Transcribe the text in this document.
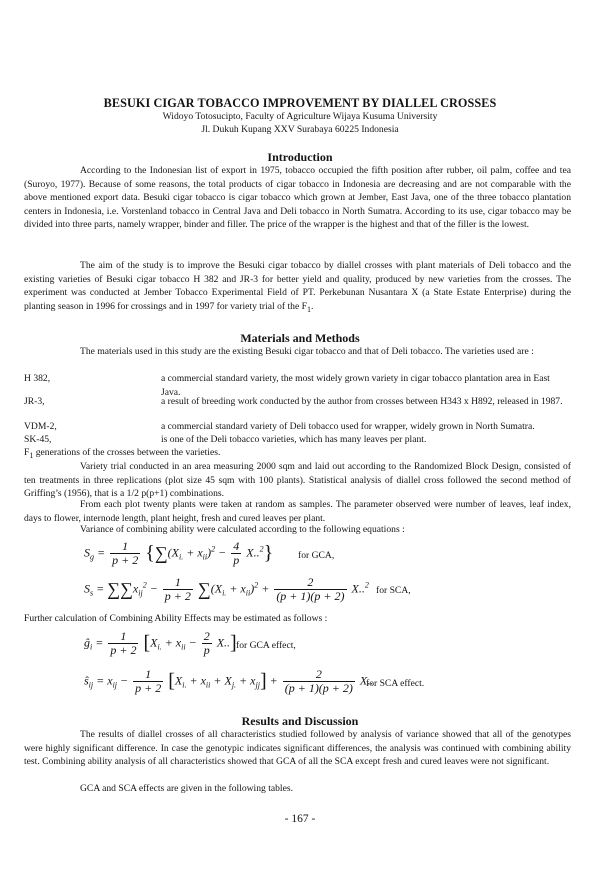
BESUKI CIGAR TOBACCO IMPROVEMENT BY DIALLEL CROSSES
Widoyo Totosucipto, Faculty of Agriculture Wijaya Kusuma University
Jl. Dukuh Kupang XXV Surabaya 60225 Indonesia
Introduction

According to the Indonesian list of export in 1975, tobacco occupied the fifth position after rubber, oil palm, coffee and tea (Suroyo, 1977). Because of some reasons, the total products of cigar tobacco in Indonesia are decreasing and are not comparable with the above mentioned export data. Besuki cigar tobacco is cigar tobacco which grown at Jember, East Java, one of the three tobacco plantation centers in Indonesia, i.e. Vorstenland tobacco in Central Java and Deli tobacco in North Sumatra. According to its use, cigar tobacco may be divided into three parts, namely wrapper, binder and filler. The price of the wrapper is the highest and that of the filler is the lowest.

The aim of the study is to improve the Besuki cigar tobacco by diallel crosses with plant materials of Deli tobacco and the existing varieties of Besuki cigar tobacco H 382 and JR-3 for better yield and quality, produced by new varieties from the crosses. The experiment was conducted at Jember Tobacco Experimental Field of PT. Perkebunan Nusantara X (a State Estate Enterprise) during the planting season in 1996 for crossings and in 1997 for variety trial of the $F_1$.

Materials and Methods

The materials used in this study are the existing Besuki cigar tobacco and that of Deli tobacco. The varieties used are :

H 382,	a commercial standard variety, the most widely grown variety in cigar tobacco plantation area in East Java.
JR-3,	a result of breeding work conducted by the author from crosses between H343 x H892, released in 1987.
VDM-2,	a commercial standard variety of Deli tobacco used for wrapper, widely grown in North Sumatra.
SK-45,	is one of the Deli tobacco varieties, which has many leaves per plant.
$F_1$ generations of the crosses between the varieties.

Variety trial conducted in an area measuring 2000 sqm and laid out according to the Randomized Block Design, consisted of ten treatments in three replications (plot size 45 sqm with 100 plants). Statistical analysis of diallel cross followed the second method of Griffing’s (1956), that is a 1/2 p(p+1) combinations.

From each plot twenty plants were taken at random as samples. The parameter observed were number of leaves, leaf index, days to flower, internode length, plant height, fresh and cured leaves per plant.

Variance of combining ability were calculated according to the following equations :

$S_g = \frac{1}{p + 2} \{\sum(X_{i.} + x_{ii})^2 - \frac{4}{p} X..^2\}$	for GCA,
$S_s = \sum\sum x_{ij}^2 - \frac{1}{p + 2} \sum(X_{i.} + x_{ii})^2 + \frac{2}{(p + 1)(p + 2)} X..^2$
for SCA,

Further calculation of Combining Ability Effects may be estimated as follows :

$ĝ_i = \frac{1}{p + 2} [X_{i.} + x_{ii} - \frac{2}{p} X..]$ for GCA effect,
$ŝ_{ij} = x_{ij} - \frac{1}{p + 2} [X_{i.} + x_{ii} + X_{j.} + x_{jj}] + \frac{2}{(p + 1)(p + 2)} X$..
for SCA effect.
Results and Discussion

The results of diallel crosses of all characteristics studied followed by analysis of variance showed that all of the genotypes were highly significant difference. In case the genotypic indicates significant differences, the analysis was continued with combining ability test. Combining ability analysis of all characteristics showed that GCA of all the SCA except fresh and cured leaves were not significant.

GCA and SCA effects are given in the following tables.

- 167 -
